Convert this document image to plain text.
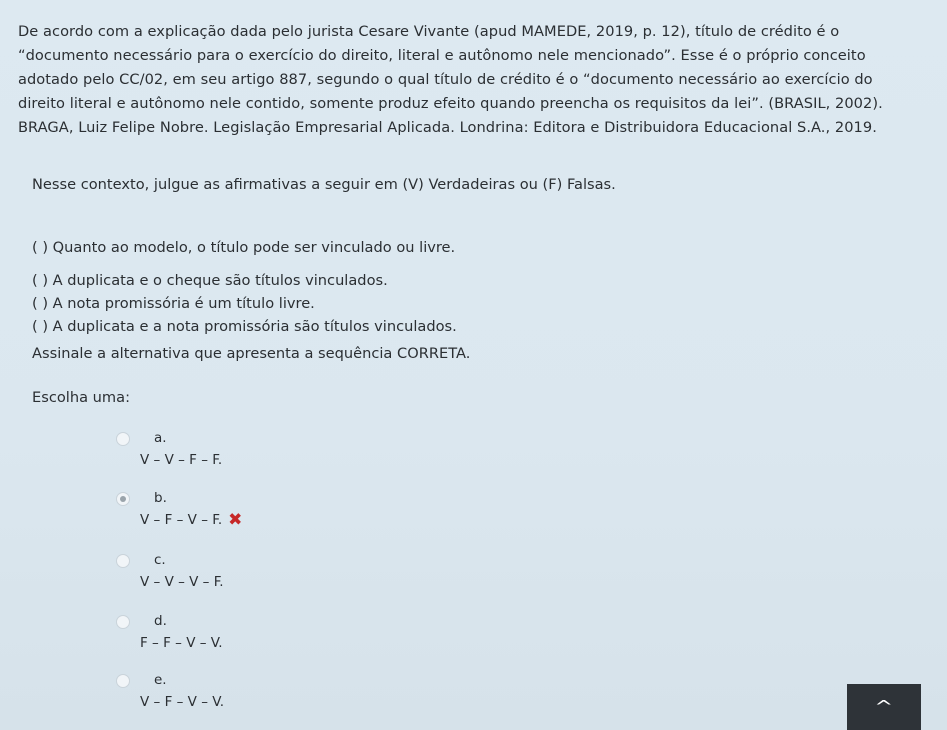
De acordo com a explicação dada pelo jurista Cesare Vivante (apud MAMEDE, 2019, p. 12), título de crédito é o

“documento necessário para o exercício do direito, literal e autônomo nele mencionado”. Esse é o próprio conceito

adotado pelo CC/02, em seu artigo 887, segundo o qual título de crédito é o “documento necessário ao exercício do

direito literal e autônomo nele contido, somente produz efeito quando preencha os requisitos da lei”. (BRASIL, 2002).

BRAGA, Luiz Felipe Nobre. Legislação Empresarial Aplicada. Londrina: Editora e Distribuidora Educacional S.A., 2019.

Nesse contexto, julgue as afirmativas a seguir em (V) Verdadeiras ou (F) Falsas.
( ) Quanto ao modelo, o título pode ser vinculado ou livre.
( ) A duplicata e o cheque são títulos vinculados.
( ) A nota promissória é um título livre.
( ) A duplicata e a nota promissória são títulos vinculados.
Assinale a alternativa que apresenta a sequência CORRETA.
Escolha uma:
a.
V – V – F – F.
b.
V – F – V – F. ✖
c.
V – V – V – F.
d.
F – F – V – V.
e.
V – F – V – V.	^
